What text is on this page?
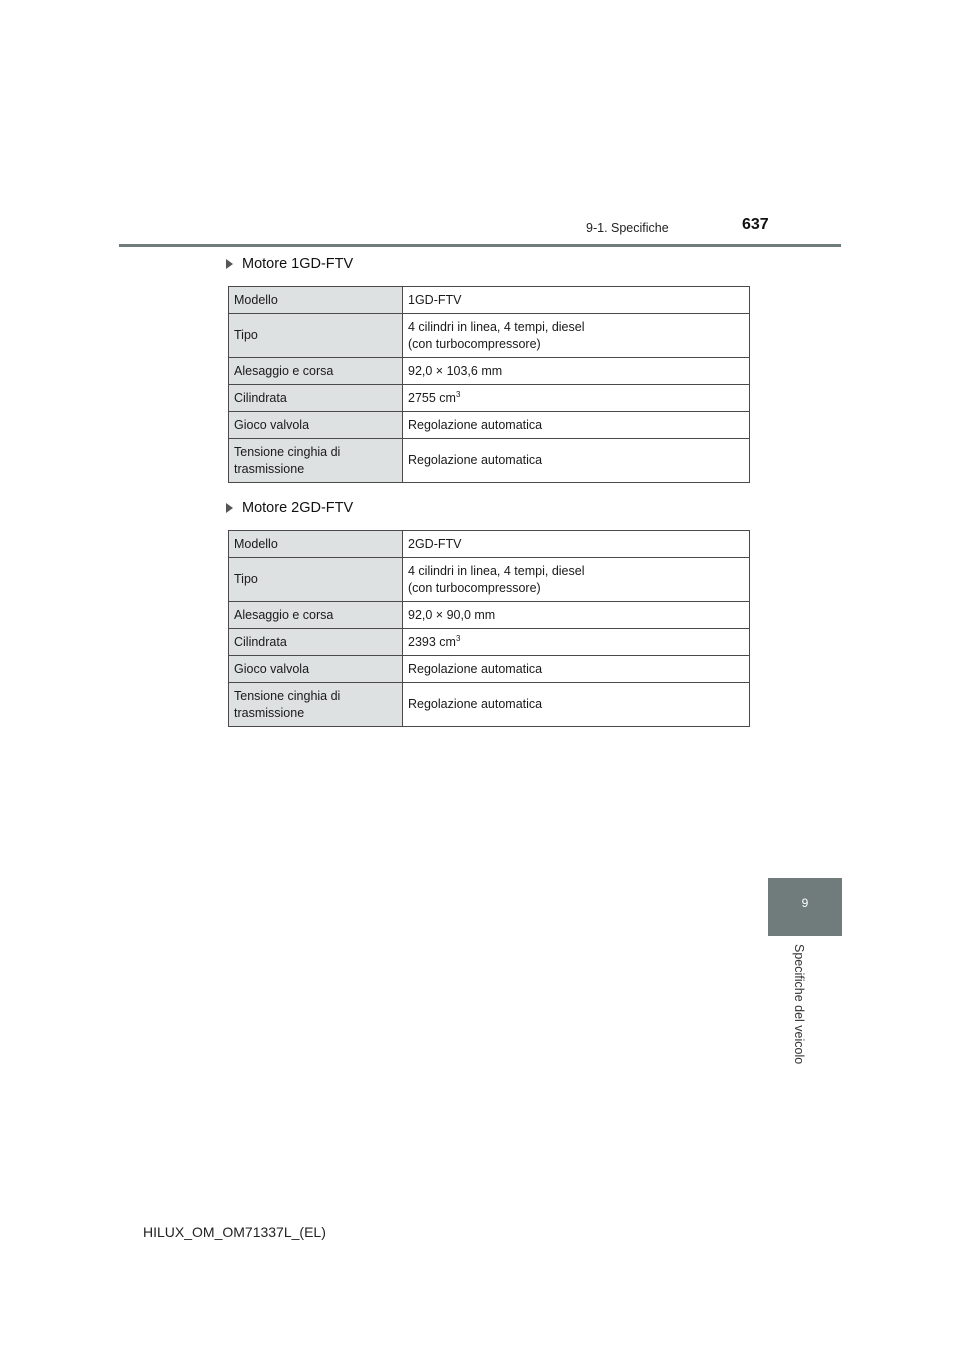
9-1. Specifiche	637
Motore 1GD-FTV
Modello	1GD-FTV
Tipo	4 cilindri in linea, 4 tempi, diesel
(con turbocompressore)
Alesaggio e corsa	92,0 × 103,6 mm
Cilindrata	2755 $cm^3$
Gioco valvola	Regolazione automatica
Tensione cinghia di
trasmissione	Regolazione automatica
Motore 2GD-FTV
Modello	2GD-FTV
Tipo	4 cilindri in linea, 4 tempi, diesel
(con turbocompressore)
Alesaggio e corsa	92,0 × 90,0 mm
Cilindrata	2393 $cm^3$
Gioco valvola	Regolazione automatica
Tensione cinghia di
trasmissione	Regolazione automatica
9
Specifiche del veicolo
HILUX_OM_OM71337L_(EL)
